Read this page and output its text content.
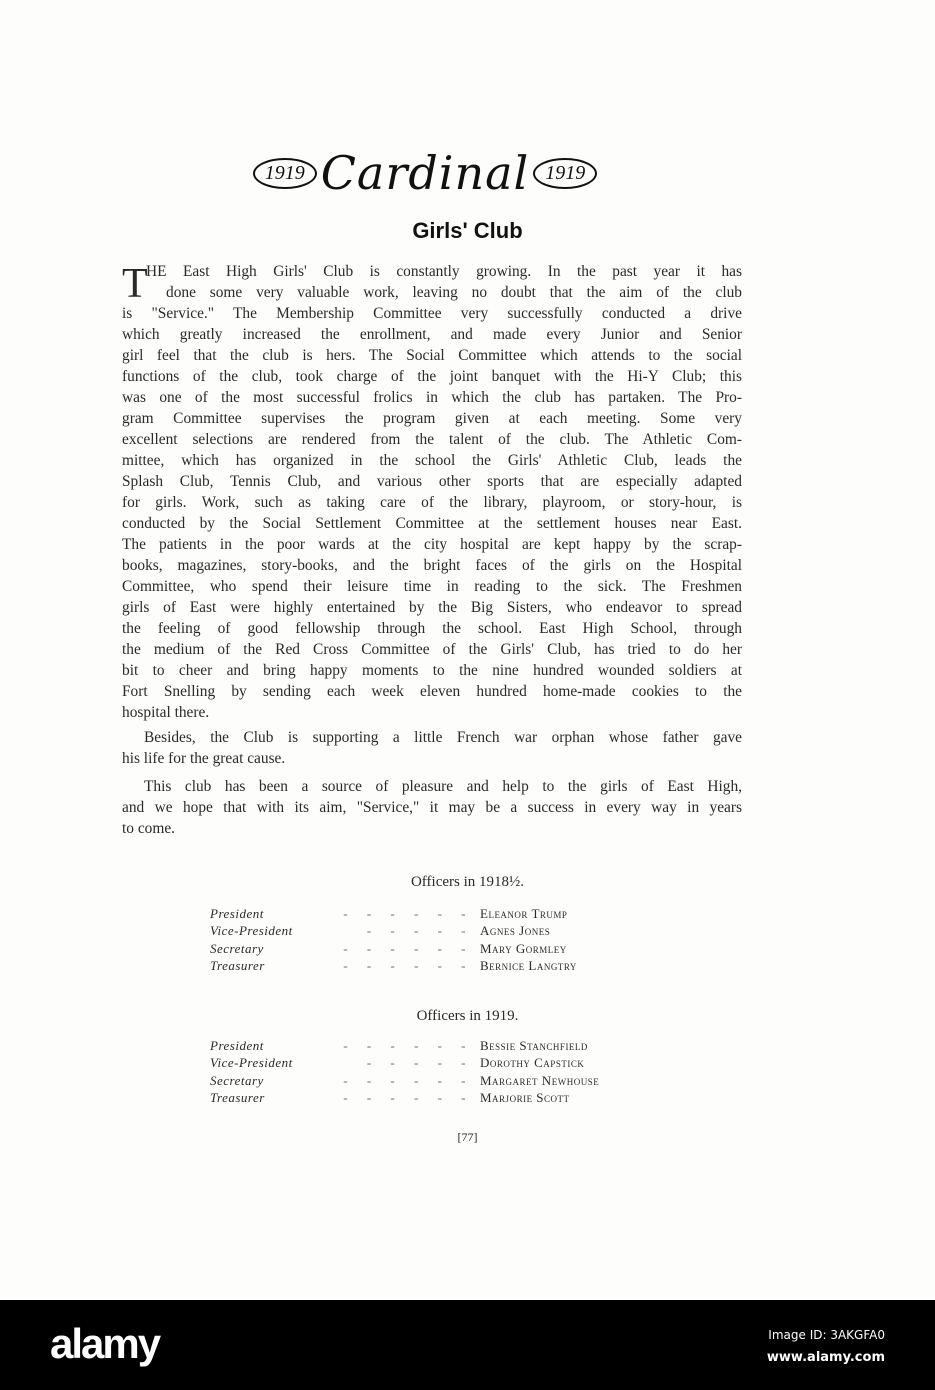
1919 Cardinal 1919
Girls' Club
T
HE East High Girls' Club is constantly growing. In the past year it has
done some very valuable work, leaving no doubt that the aim of the club
is "Service." The Membership Committee very successfully conducted a drive
which greatly increased the enrollment, and made every Junior and Senior
girl feel that the club is hers. The Social Committee which attends to the social
functions of the club, took charge of the joint banquet with the Hi-Y Club; this
was one of the most successful frolics in which the club has partaken. The Pro-
gram Committee supervises the program given at each meeting. Some very
excellent selections are rendered from the talent of the club. The Athletic Com-
mittee, which has organized in the school the Girls' Athletic Club, leads the
Splash Club, Tennis Club, and various other sports that are especially adapted
for girls. Work, such as taking care of the library, playroom, or story-hour, is
conducted by the Social Settlement Committee at the settlement houses near East.
The patients in the poor wards at the city hospital are kept happy by the scrap-
books, magazines, story-books, and the bright faces of the girls on the Hospital
Committee, who spend their leisure time in reading to the sick. The Freshmen
girls of East were highly entertained by the Big Sisters, who endeavor to spread
the feeling of good fellowship through the school. East High School, through
the medium of the Red Cross Committee of the Girls' Club, has tried to do her
bit to cheer and bring happy moments to the nine hundred wounded soldiers at
Fort Snelling by sending each week eleven hundred home-made cookies to the
hospital there.
Besides, the Club is supporting a little French war orphan whose father gave
his life for the great cause.
This club has been a source of pleasure and help to the girls of East High,
and we hope that with its aim, "Service," it may be a success in every way in years
to come.
Officers in 1918½.
President	-     -     -     -     -     -	Eleanor Trump
Vice-President	-     -     -     -     -	Agnes Jones
Secretary	-     -     -     -     -     -	Mary Gormley
Treasurer	-     -     -     -     -     -	Bernice Langtry
Officers in 1919.
President	-     -     -     -     -     -	Bessie Stanchfield
Vice-President	-     -     -     -     -	Dorothy Capstick
Secretary	-     -     -     -     -     -	Margaret Newhouse
Treasurer	-     -     -     -     -     -	Marjorie Scott
[77]
alamy	Image ID: 3AKGFA0
www.alamy.com
